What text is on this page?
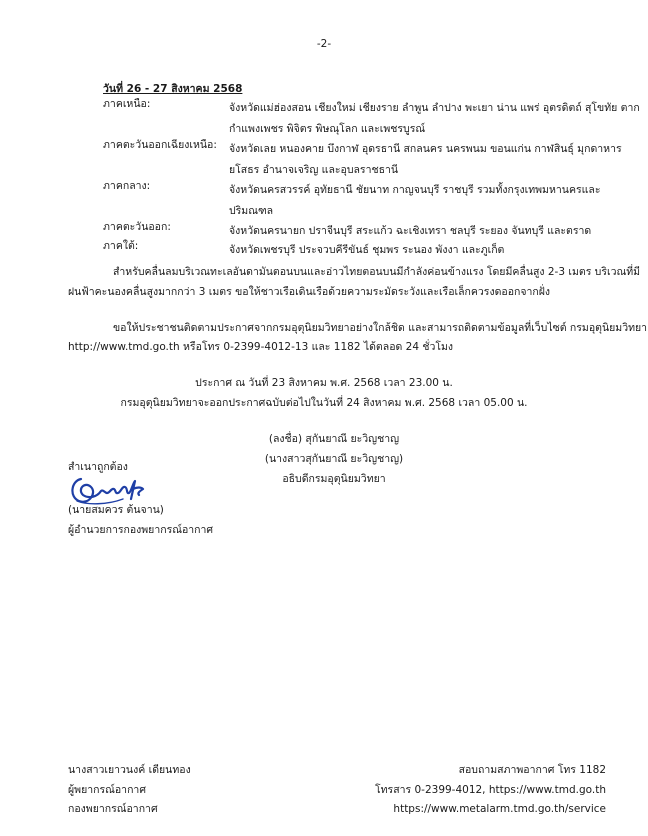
-2-
วันที่ 26 - 27 สิงหาคม 2568
ภาคเหนือ:	จังหวัดแม่ฮ่องสอน เชียงใหม่ เชียงราย ลำพูน ลำปาง พะเยา น่าน แพร่ อุตรดิตถ์ สุโขทัย ตาก กำแพงเพชร พิจิตร พิษณุโลก และเพชรบูรณ์
ภาคตะวันออกเฉียงเหนือ: จังหวัดเลย หนองคาย บึงกาฬ อุดรธานี สกลนคร นครพนม ขอนแก่น กาฬสินธุ์ มุกดาหาร ยโสธร อำนาจเจริญ และอุบลราชธานี
ภาคกลาง:	จังหวัดนครสวรรค์ อุทัยธานี ชัยนาท กาญจนบุรี ราชบุรี รวมทั้งกรุงเทพมหานครและ ปริมณฑล
ภาคตะวันออก:	จังหวัดนครนายก ปราจีนบุรี สระแก้ว ฉะเชิงเทรา ชลบุรี ระยอง จันทบุรี และตราด
ภาคใต้:	จังหวัดเพชรบุรี ประจวบคีรีขันธ์ ชุมพร ระนอง พังงา และภูเก็ต
สำหรับคลื่นลมบริเวณทะเลอันดามันตอนบนและอ่าวไทยตอนบนมีกำลังค่อนข้างแรง โดยมีคลื่นสูง 2-3 เมตร บริเวณที่มี
ฝนฟ้าคะนองคลื่นสูงมากกว่า 3 เมตร ขอให้ชาวเรือเดินเรือด้วยความระมัดระวังและเรือเล็กควรงดออกจากฝั่ง
ขอให้ประชาชนติดตามประกาศจากกรมอุตุนิยมวิทยาอย่างใกล้ชิด และสามารถติดตามข้อมูลที่เว็บไซต์ กรมอุตุนิยมวิทยา
http://www.tmd.go.th หรือโทร 0-2399-4012-13 และ 1182 ได้ตลอด 24 ชั่วโมง
ประกาศ ณ วันที่ 23 สิงหาคม พ.ศ. 2568 เวลา 23.00 น.
กรมอุตุนิยมวิทยาจะออกประกาศฉบับต่อไปในวันที่ 24 สิงหาคม พ.ศ. 2568 เวลา 05.00 น.
(ลงชื่อ) สุกันยาณี ยะวิญชาญ
(นางสาวสุกันยาณี ยะวิญชาญ)
อธิบดีกรมอุตุนิยมวิทยา
สำเนาถูกต้อง
(นายสมควร ต้นจาน)
ผู้อำนวยการกองพยากรณ์อากาศ
นางสาวเยาวนงค์ เดียนทอง
ผู้พยากรณ์อากาศ
กองพยากรณ์อากาศ
สอบถามสภาพอากาศ โทร 1182
โทรสาร 0-2399-4012, https://www.tmd.go.th
https://www.metalarm.tmd.go.th/service
